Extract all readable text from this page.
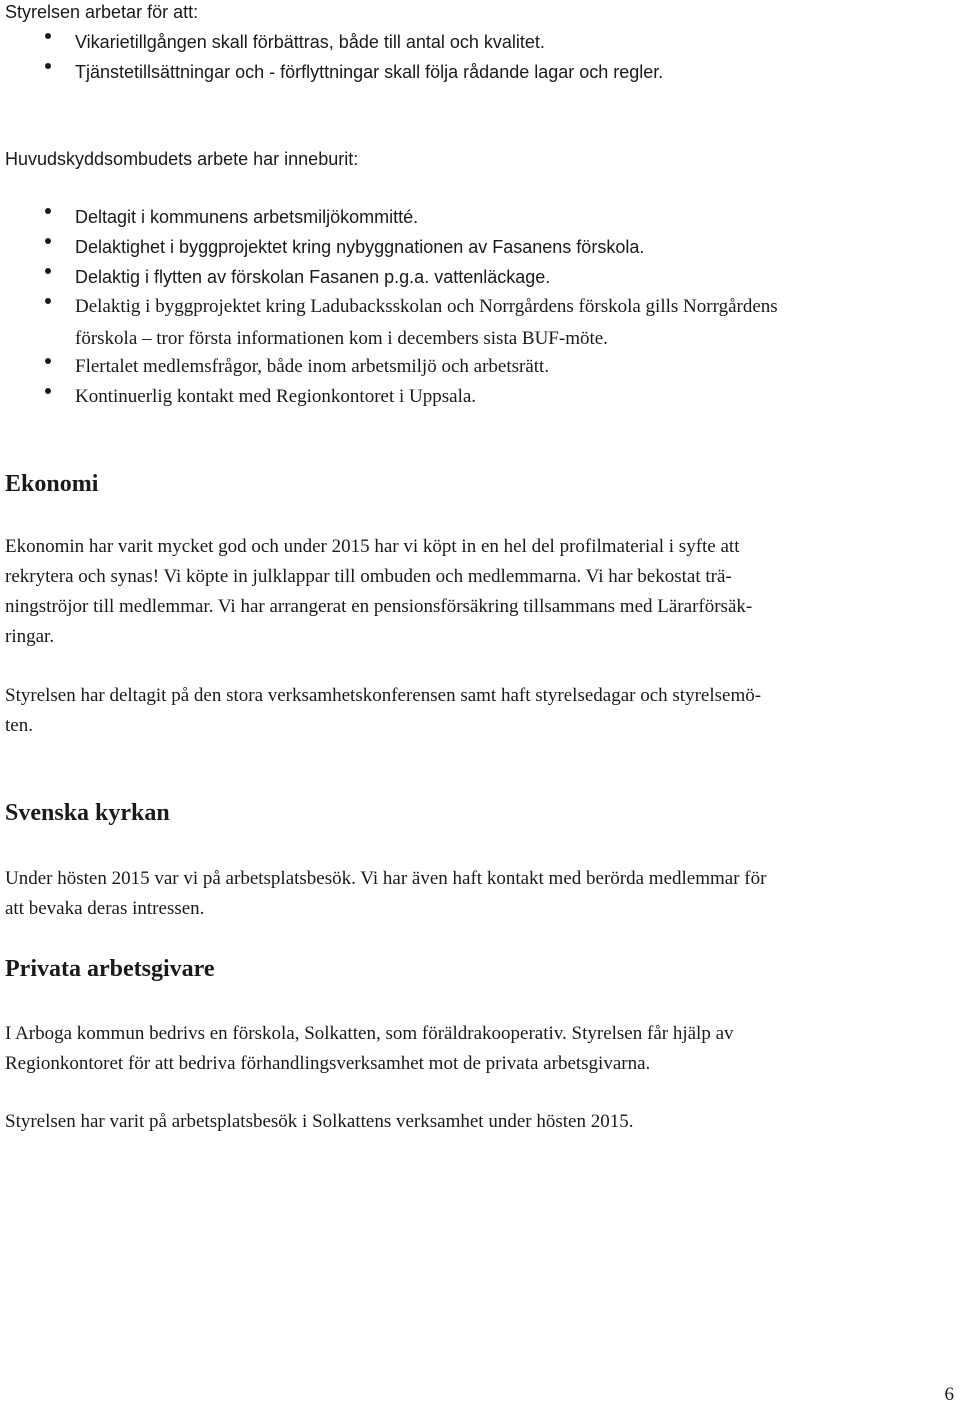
Styrelsen arbetar för att:
Vikarietillgången skall förbättras, både till antal och kvalitet.
Tjänstetillsättningar och - förflyttningar skall följa rådande lagar och regler.
Huvudskyddsombudets arbete har inneburit:
Deltagit i kommunens arbetsmiljökommitté.
Delaktighet i byggprojektet kring nybyggnationen av Fasanens förskola.
Delaktig i flytten av förskolan Fasanen p.g.a. vattenläckage.
Delaktig i byggprojektet kring Ladubacksskolan och Norrgårdens förskola gills Norrgårdens
förskola – tror första informationen kom i decembers sista BUF-möte.
Flertalet medlemsfrågor, både inom arbetsmiljö och arbetsrätt.
Kontinuerlig kontakt med Regionkontoret i Uppsala.
Ekonomi
Ekonomin har varit mycket god och under 2015 har vi köpt in en hel del profilmaterial i syfte att
rekrytera och synas! Vi köpte in julklappar till ombuden och medlemmarna. Vi har bekostat trä-
ningströjor till medlemmar. Vi har arrangerat en pensionsförsäkring tillsammans med Lärarförsäk-
ringar.
Styrelsen har deltagit på den stora verksamhetskonferensen samt haft styrelsedagar och styrelsemö-
ten.
Svenska kyrkan
Under hösten 2015 var vi på arbetsplatsbesök. Vi har även haft kontakt med berörda medlemmar för
att bevaka deras intressen.
Privata arbetsgivare
I Arboga kommun bedrivs en förskola, Solkatten, som föräldrakooperativ. Styrelsen får hjälp av
Regionkontoret för att bedriva förhandlingsverksamhet mot de privata arbetsgivarna.
Styrelsen har varit på arbetsplatsbesök i Solkattens verksamhet under hösten 2015.
6
